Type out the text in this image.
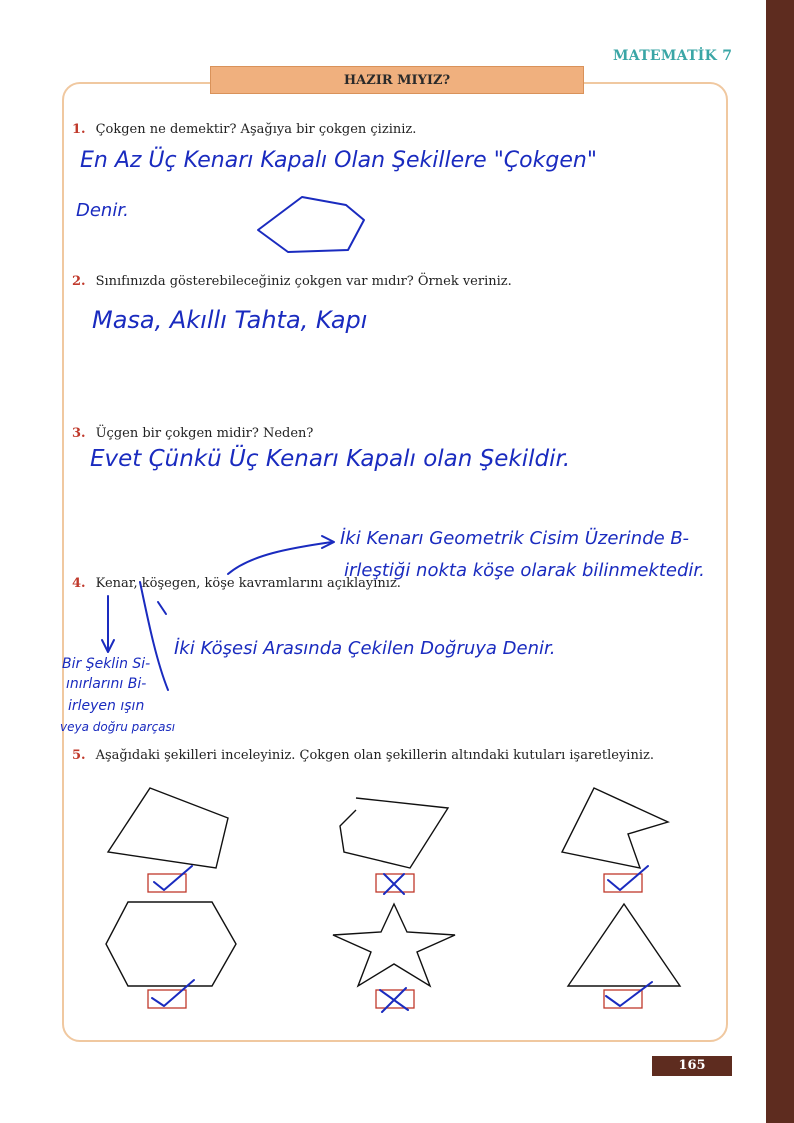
MATEMATİK 7
HAZIR MIYIZ?
1. Çokgen ne demektir? Aşağıya bir çokgen çiziniz.
2. Sınıfınızda gösterebileceğiniz çokgen var mıdır? Örnek veriniz.
3. Üçgen bir çokgen midir? Neden?
4. Kenar, köşegen, köşe kavramlarını açıklayınız.
5. Aşağıdaki şekilleri inceleyiniz. Çokgen olan şekillerin altındaki kutuları işaretleyiniz.
En Az Üç Kenarı Kapalı Olan Şekillere "Çokgen"
Denir.
Masa, Akıllı Tahta, Kapı
Evet Çünkü Üç Kenarı Kapalı olan Şekildir.
İki Kenarı Geometrik Cisim Üzerinde B-
irleştiği nokta köşe olarak bilinmektedir.
İki Köşesi Arasında Çekilen Doğruya Denir.
Bir Şeklin Si-
ınırlarını Bi-
irleyen ışın
veya doğru parçası
165
